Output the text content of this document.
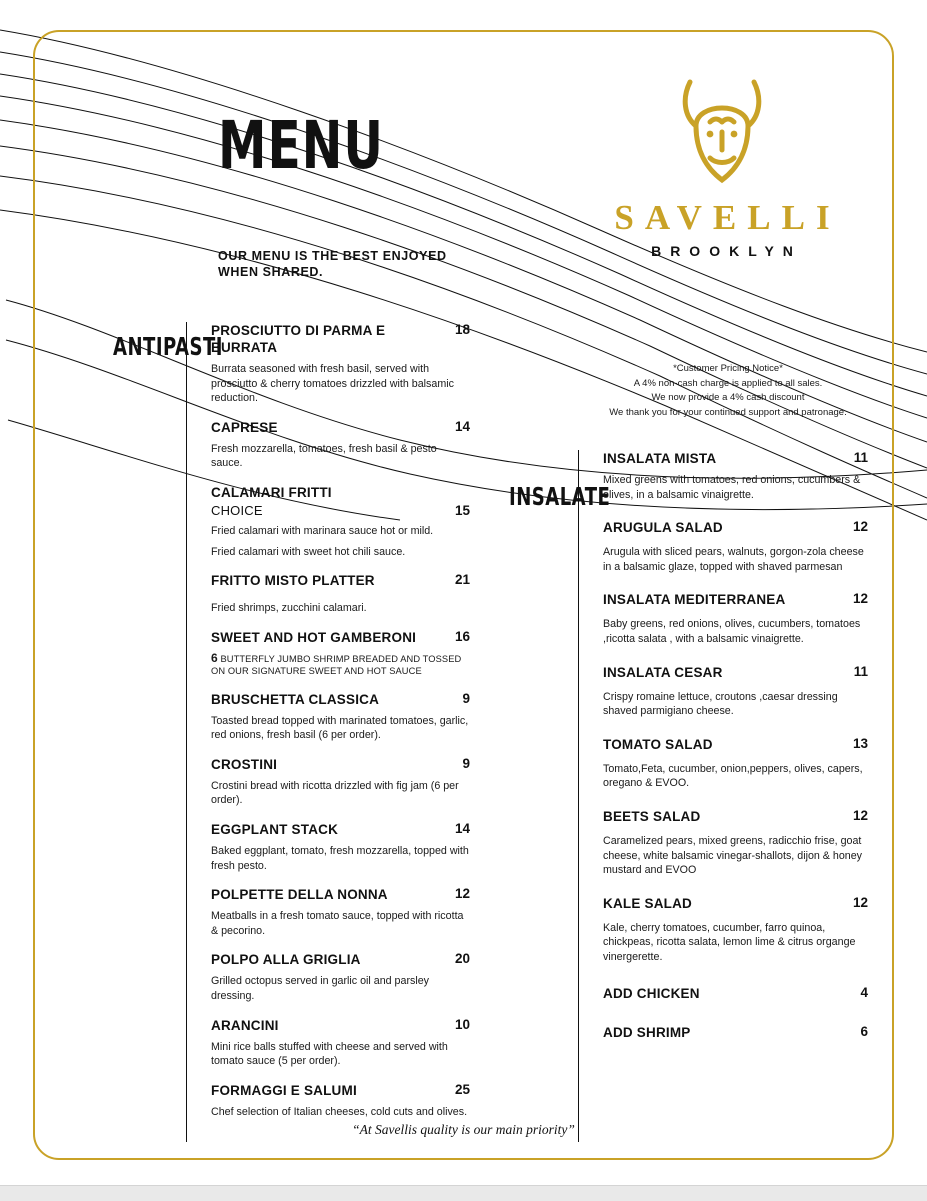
MENU
SAVELLI
BROOKLYN
OUR MENU IS THE BEST ENJOYED WHEN SHARED.
*Customer Pricing Notice*
A 4% non-cash charge is applied to all sales.
We now provide a 4% cash discount
We thank you for your continued support and patronage.
ANTIPASTI
INSALATE
PROSCIUTTO DI PARMA E BURRATA
18
Burrata seasoned with fresh basil, served with prosciutto & cherry tomatoes drizzled with balsamic reduction.
CAPRESE	14
Fresh mozzarella, tomatoes, fresh basil & pesto sauce.
CALAMARI FRITTI
CHOICE	15
Fried calamari with marinara sauce hot or mild.
Fried calamari with sweet hot chili sauce.
FRITTO MISTO PLATTER	21
Fried shrimps, zucchini calamari.
SWEET AND HOT GAMBERONI	16
6 BUTTERFLY JUMBO SHRIMP BREADED AND TOSSED ON OUR SIGNATURE SWEET AND HOT SAUCE
BRUSCHETTA CLASSICA	9
Toasted bread topped with marinated tomatoes, garlic, red onions, fresh basil (6 per order).
CROSTINI	9
Crostini bread with ricotta drizzled with fig jam (6 per order).
EGGPLANT STACK	14
Baked eggplant, tomato, fresh mozzarella, topped with fresh pesto.
POLPETTE DELLA NONNA	12
Meatballs in a fresh tomato sauce, topped with ricotta & pecorino.
POLPO ALLA GRIGLIA	20
Grilled octopus served in garlic oil and parsley dressing.
ARANCINI	10
Mini rice balls stuffed with cheese and served with tomato sauce (5 per order).
FORMAGGI E SALUMI	25
Chef selection of Italian cheeses, cold cuts and olives.
INSALATA MISTA	11
Mixed greens with tomatoes, red onions, cucumbers & olives, in a balsamic vinaigrette.
ARUGULA SALAD	12
Arugula with sliced pears, walnuts, gorgon-zola cheese in a balsamic glaze, topped with shaved parmesan
INSALATA MEDITERRANEA	12
Baby greens, red onions, olives, cucumbers, tomatoes ,ricotta salata , with a balsamic vinaigrette.
INSALATA CESAR	11
Crispy romaine lettuce, croutons ,caesar dressing shaved parmigiano cheese.
TOMATO SALAD	13
Tomato,Feta, cucumber, onion,peppers, olives, capers, oregano & EVOO.
BEETS SALAD	12
Caramelized pears, mixed greens, radicchio frise, goat cheese, white balsamic vinegar-shallots, dijon & honey mustard and EVOO
KALE SALAD	12
Kale, cherry tomatoes, cucumber, farro quinoa, chickpeas, ricotta salata, lemon lime & citrus organge vinergerette.
ADD CHICKEN	4
ADD SHRIMP	6
“At Savellis quality is our main priority”
